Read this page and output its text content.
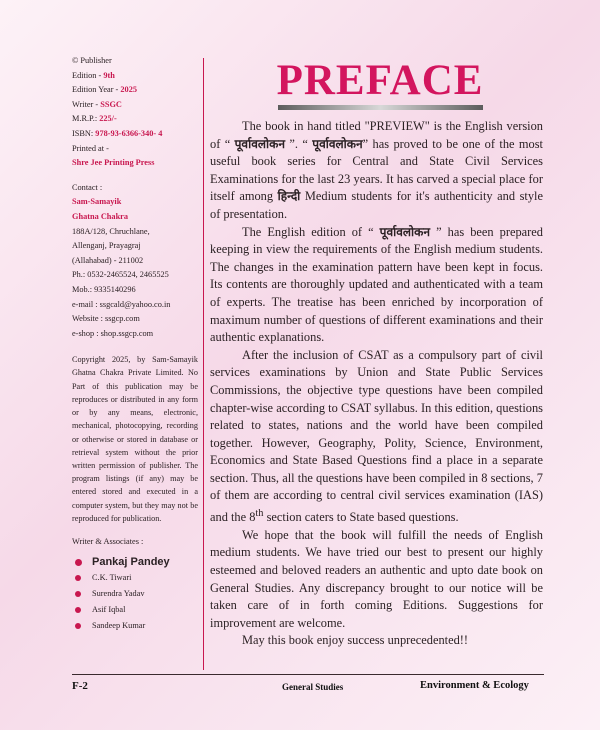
© Publisher
Edition - 9th
Edition Year - 2025
Writer - SSGC
M.R.P.: 225/-
ISBN: 978-93-6366-340- 4
Printed at -
Shre Jee Printing Press
Contact :
Sam-Samayik
Ghatna Chakra
188A/128, Chruchlane,
Allenganj, Prayagraj
(Allahabad) - 211002
Ph.: 0532-2465524, 2465525
Mob.: 9335140296
e-mail : ssgcald@yahoo.co.in
Website : ssgcp.com
e-shop : shop.ssgcp.com
Copyright 2025, by Sam-Samayik Ghatna Chakra Private Limited. No Part of this publication may be reproduces or distributed in any form or by any means, electronic, mechanical, photocopying, recording or otherwise or stored in database or retrieval system without the prior written permission of publisher. The program listings (if any) may be entered stored and executed in a computer system, but they may not be reproduced for publication.
Writer & Associates :
Pankaj Pandey
C.K. Tiwari
Surendra Yadav
Asif Iqbal
Sandeep Kumar
PREFACE

The book in hand titled "PREVIEW" is the English version of “ पूर्वावलोकन ”. “ पूर्वावलोकन” has proved to be one of the most useful book series for Central and State Civil Services Examinations for the last 23 years. It has carved a special place for itself among हिन्दी Medium students for it's authenticity and style of presentation.

The English edition of “ पूर्वावलोकन ” has been prepared keeping in view the requirements of the English medium students. The changes in the examination pattern have been kept in focus. Its contents are thoroughly updated and authenticated with a team of experts. The treatise has been enriched by incorporation of maximum number of questions of different examinations and their authentic explanations.

After the inclusion of CSAT as a compulsory part of civil services examinations by Union and State Public Services Commissions, the objective type questions have been compiled chapter-wise according to CSAT syllabus. In this edition, questions related to states, nations and the world have been compiled together. However, Geography, Polity, Science, Environment, Economics and State Based Questions find a place in a separate section. Thus, all the questions have been compiled in 8 sections, 7 of them are according to central civil services examination (IAS) and the 8th section caters to State based questions.

We hope that the book will fulfill the needs of English medium students. We have tried our best to present our highly esteemed and beloved readers an authentic and upto date book on General Studies. Any discrepancy brought to our notice will be taken care of in forth coming Editions. Suggestions for improvement are welcome.

May this book enjoy success unprecedented!!

F-2	General Studies	Environment & Ecology
